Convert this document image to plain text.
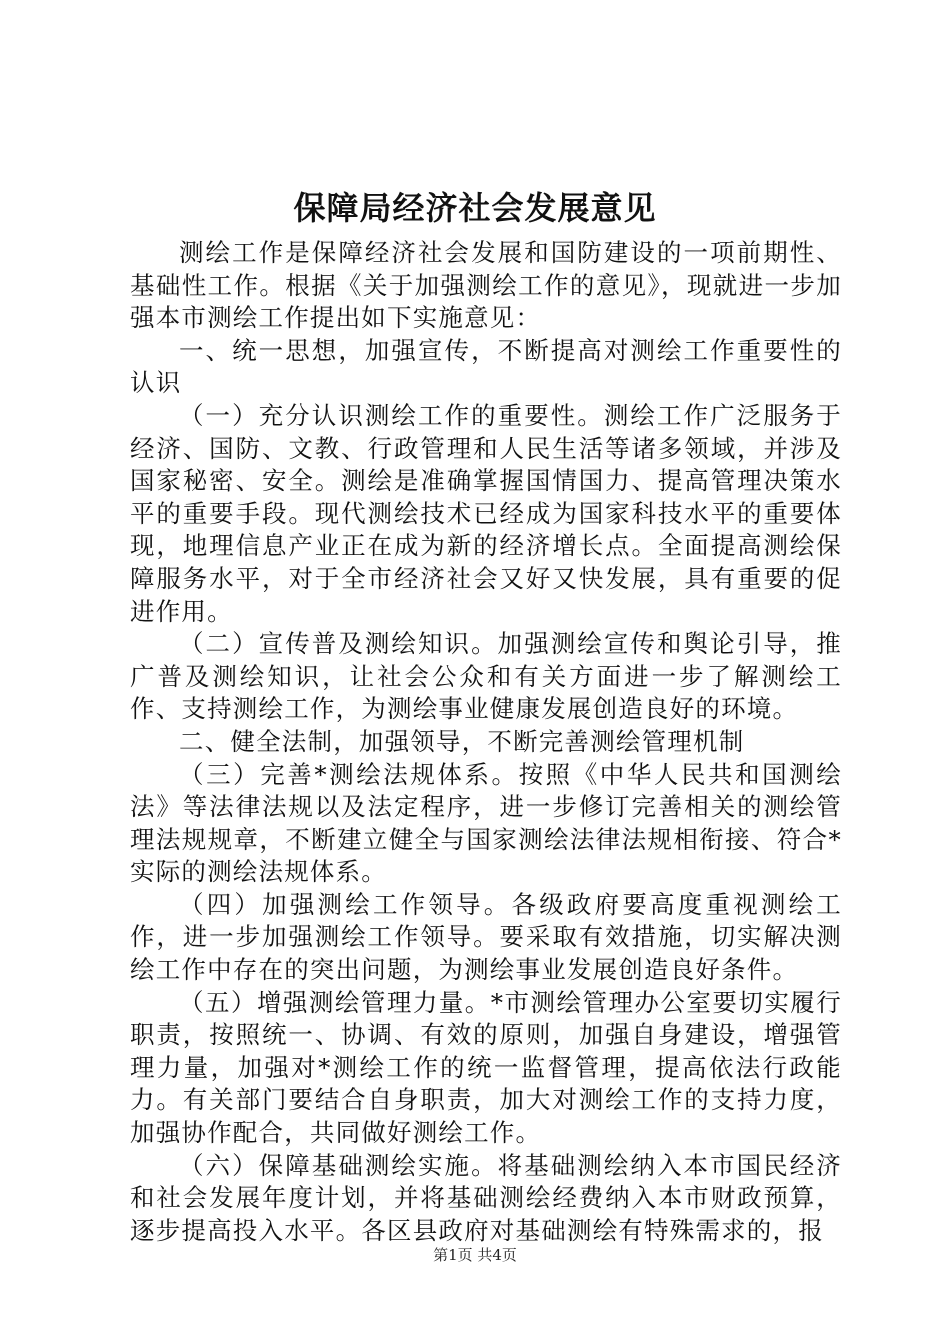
保障局经济社会发展意见

测绘工作是保障经济社会发展和国防建设的一项前期性、基础性工作。根据《关于加强测绘工作的意见》，现就进一步加强本市测绘工作提出如下实施意见：

一、统一思想，加强宣传，不断提高对测绘工作重要性的认识

（一）充分认识测绘工作的重要性。测绘工作广泛服务于经济、国防、文教、行政管理和人民生活等诸多领域，并涉及国家秘密、安全。测绘是准确掌握国情国力、提高管理决策水平的重要手段。现代测绘技术已经成为国家科技水平的重要体现，地理信息产业正在成为新的经济增长点。全面提高测绘保障服务水平，对于全市经济社会又好又快发展，具有重要的促进作用。

（二）宣传普及测绘知识。加强测绘宣传和舆论引导，推广普及测绘知识，让社会公众和有关方面进一步了解测绘工作、支持测绘工作，为测绘事业健康发展创造良好的环境。

二、健全法制，加强领导，不断完善测绘管理机制

（三）完善*测绘法规体系。按照《中华人民共和国测绘法》等法律法规以及法定程序，进一步修订完善相关的测绘管理法规规章，不断建立健全与国家测绘法律法规相衔接、符合*实际的测绘法规体系。

（四）加强测绘工作领导。各级政府要高度重视测绘工作，进一步加强测绘工作领导。要采取有效措施，切实解决测绘工作中存在的突出问题，为测绘事业发展创造良好条件。

（五）增强测绘管理力量。*市测绘管理办公室要切实履行职责，按照统一、协调、有效的原则，加强自身建设，增强管理力量，加强对*测绘工作的统一监督管理，提高依法行政能力。有关部门要结合自身职责，加大对测绘工作的支持力度，加强协作配合，共同做好测绘工作。

（六）保障基础测绘实施。将基础测绘纳入本市国民经济和社会发展年度计划，并将基础测绘经费纳入本市财政预算，逐步提高投入水平。各区县政府对基础测绘有特殊需求的，报

第1页 共4页
